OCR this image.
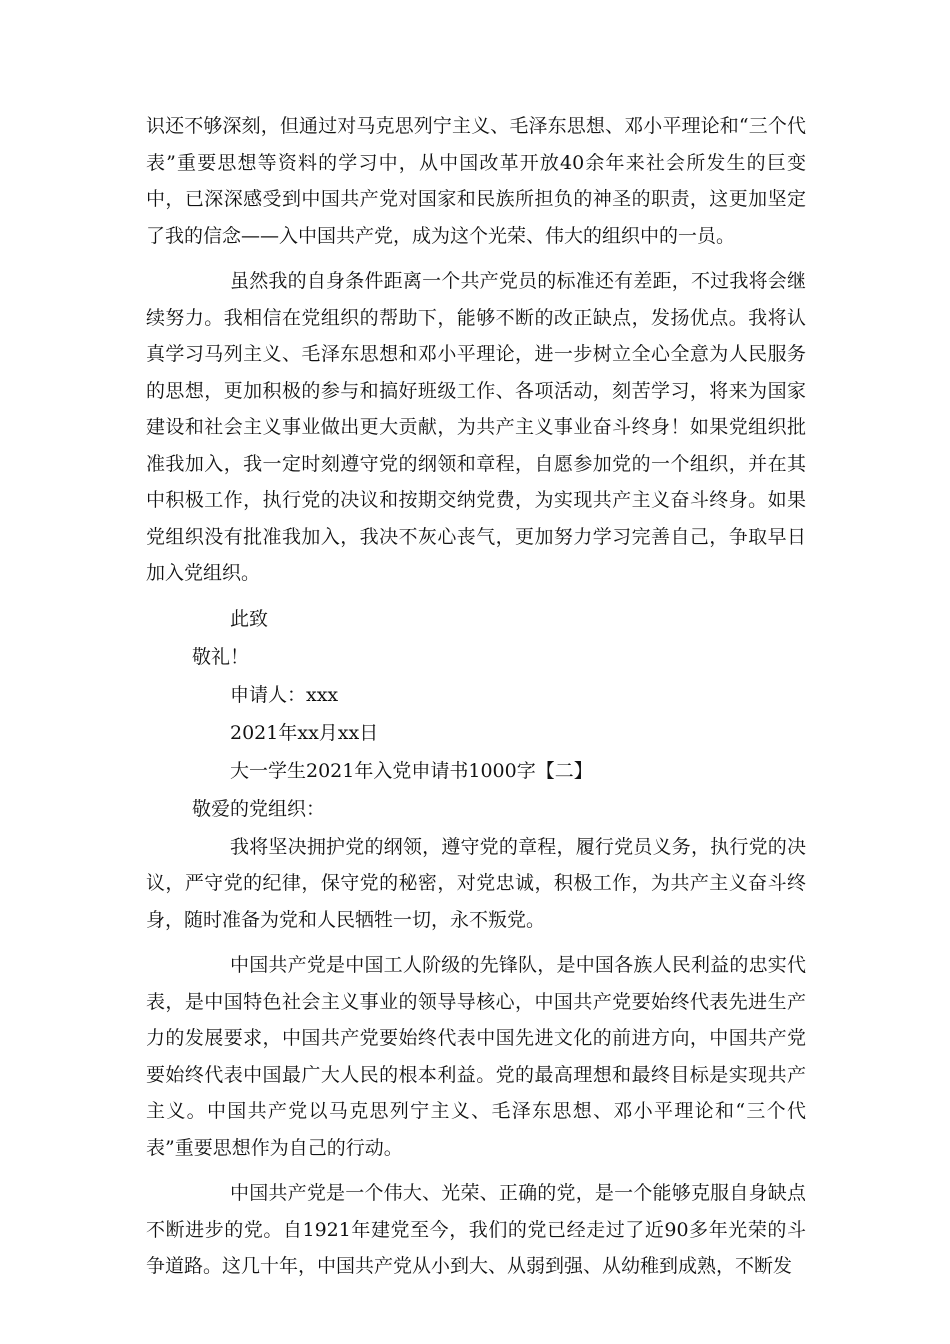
识还不够深刻，但通过对马克思列宁主义、毛泽东思想、邓小平理论和“三个代表”重要思想等资料的学习中，从中国改革开放40余年来社会所发生的巨变中，已深深感受到中国共产党对国家和民族所担负的神圣的职责，这更加坚定了我的信念——入中国共产党，成为这个光荣、伟大的组织中的一员。

虽然我的自身条件距离一个共产党员的标准还有差距，不过我将会继续努力。我相信在党组织的帮助下，能够不断的改正缺点，发扬优点。我将认真学习马列主义、毛泽东思想和邓小平理论，进一步树立全心全意为人民服务的思想，更加积极的参与和搞好班级工作、各项活动，刻苦学习，将来为国家建设和社会主义事业做出更大贡献，为共产主义事业奋斗终身！如果党组织批准我加入，我一定时刻遵守党的纲领和章程，自愿参加党的一个组织，并在其中积极工作，执行党的决议和按期交纳党费，为实现共产主义奋斗终身。如果党组织没有批准我加入，我决不灰心丧气，更加努力学习完善自己，争取早日加入党组织。

此致
敬礼！
申请人：xxx
2021年xx月xx日
大一学生2021年入党申请书1000字【二】
敬爱的党组织：

我将坚决拥护党的纲领，遵守党的章程，履行党员义务，执行党的决议，严守党的纪律，保守党的秘密，对党忠诚，积极工作，为共产主义奋斗终身，随时准备为党和人民牺牲一切，永不叛党。

中国共产党是中国工人阶级的先锋队，是中国各族人民利益的忠实代表，是中国特色社会主义事业的领导导核心，中国共产党要始终代表先进生产力的发展要求，中国共产党要始终代表中国先进文化的前进方向，中国共产党要始终代表中国最广大人民的根本利益。党的最高理想和最终目标是实现共产主义。中国共产党以马克思列宁主义、毛泽东思想、邓小平理论和“三个代表”重要思想作为自己的行动。

中国共产党是一个伟大、光荣、正确的党，是一个能够克服自身缺点不断进步的党。自1921年建党至今，我们的党已经走过了近90多年光荣的斗争道路。这几十年，中国共产党从小到大、从弱到强、从幼稚到成熟，不断发
